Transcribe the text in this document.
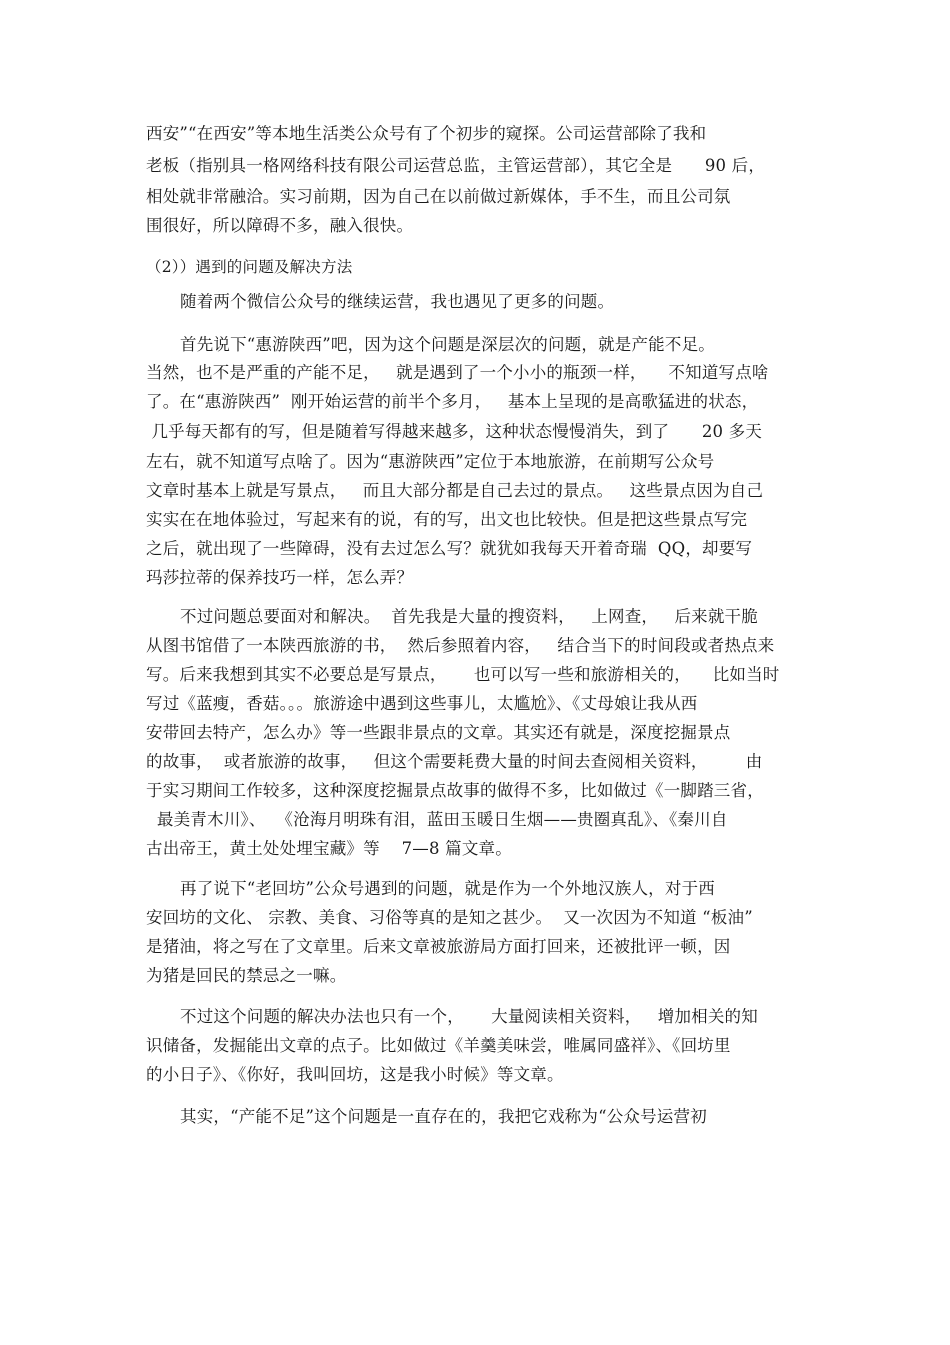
西安”“在西安”等本地生活类公众号有了个初步的窥探。公司运营部除了我和

老板（指别具一格网络科技有限公司运营总监，主管运营部），其它全是      90 后，

相处就非常融洽。实习前期，因为自己在以前做过新媒体，手不生，而且公司氛

围很好，所以障碍不多，融入很快。

（2））遇到的问题及解决方法

随着两个微信公众号的继续运营，我也遇见了更多的问题。

首先说下“惠游陕西”吧，因为这个问题是深层次的问题，就是产能不足。

当然，也不是严重的产能不足，   就是遇到了一个小小的瓶颈一样，    不知道写点啥

了。在“惠游陕西”  刚开始运营的前半个多月，   基本上呈现的是高歌猛进的状态，

几乎每天都有的写，但是随着写得越来越多，这种状态慢慢消失，到了      20 多天

左右，就不知道写点啥了。因为“惠游陕西”定位于本地旅游，在前期写公众号

文章时基本上就是写景点，   而且大部分都是自己去过的景点。   这些景点因为自己

实实在在地体验过，写起来有的说，有的写，出文也比较快。但是把这些景点写完

之后，就出现了一些障碍，没有去过怎么写？就犹如我每天开着奇瑞  QQ，却要写

玛莎拉蒂的保养技巧一样，怎么弄？

不过问题总要面对和解决。  首先我是大量的搜资料，   上网查，   后来就干脆

从图书馆借了一本陕西旅游的书，  然后参照着内容，   结合当下的时间段或者热点来

写。后来我想到其实不必要总是写景点，     也可以写一些和旅游相关的，    比如当时

写过《蓝瘦，香菇。。。旅游途中遇到这些事儿，太尴尬》、《丈母娘让我从西

安带回去特产，怎么办》等一些跟非景点的文章。其实还有就是，深度挖掘景点

的故事，  或者旅游的故事，   但这个需要耗费大量的时间去查阅相关资料，       由

于实习期间工作较多，这种深度挖掘景点故事的做得不多，比如做过《一脚踏三省，

最美青木川》、  《沧海月明珠有泪，蓝田玉暖日生烟——贵圈真乱》、《秦川自

古出帝王，黄土处处埋宝藏》等    7—8 篇文章。

再了说下“老回坊”公众号遇到的问题，就是作为一个外地汉族人，对于西

安回坊的文化、 宗教、美食、习俗等真的是知之甚少。  又一次因为不知道 “板油”

是猪油，将之写在了文章里。后来文章被旅游局方面打回来，还被批评一顿，因

为猪是回民的禁忌之一嘛。

不过这个问题的解决办法也只有一个，     大量阅读相关资料，   增加相关的知

识储备，发掘能出文章的点子。比如做过《羊羹美味尝，唯属同盛祥》、《回坊里

的小日子》、《你好，我叫回坊，这是我小时候》等文章。

其实，“产能不足”这个问题是一直存在的，我把它戏称为“公众号运营初
